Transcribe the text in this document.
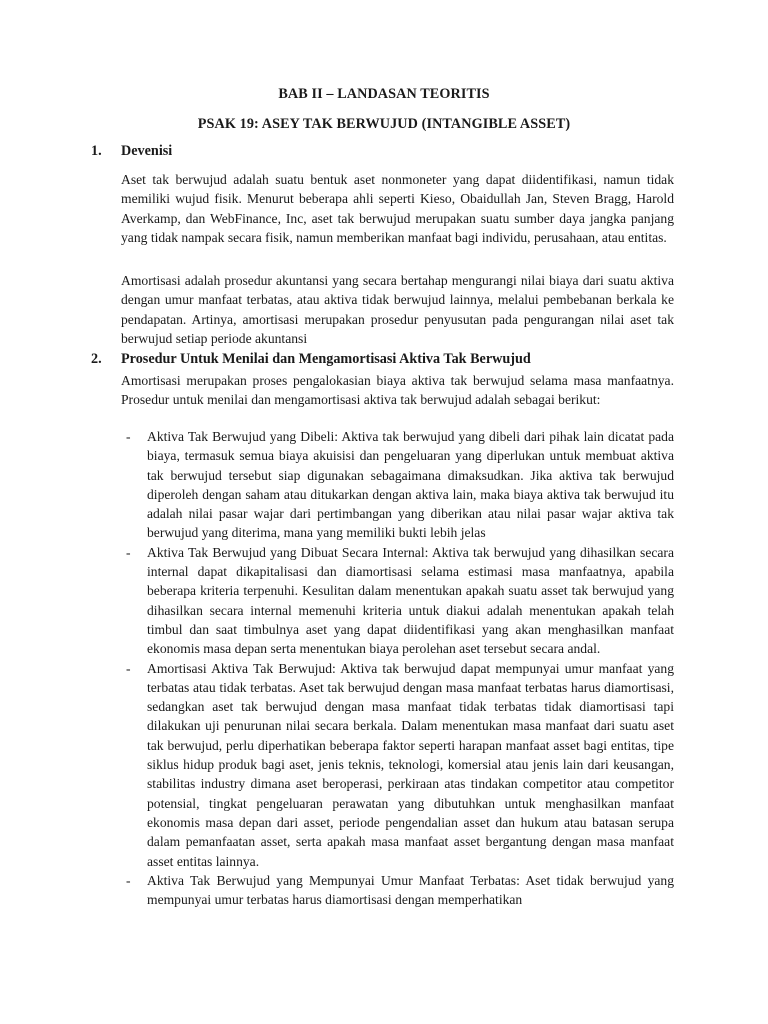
BAB II – LANDASAN TEORITIS
PSAK 19: ASEY TAK BERWUJUD (INTANGIBLE ASSET)
1. Devenisi

Aset tak berwujud adalah suatu bentuk aset nonmoneter yang dapat diidentifikasi, namun tidak memiliki wujud fisik. Menurut beberapa ahli seperti Kieso, Obaidullah Jan, Steven Bragg, Harold Averkamp, dan WebFinance, Inc, aset tak berwujud merupakan suatu sumber daya jangka panjang yang tidak nampak secara fisik, namun memberikan manfaat bagi individu, perusahaan, atau entitas.

Amortisasi adalah prosedur akuntansi yang secara bertahap mengurangi nilai biaya dari suatu aktiva dengan umur manfaat terbatas, atau aktiva tidak berwujud lainnya, melalui pembebanan berkala ke pendapatan. Artinya, amortisasi merupakan prosedur penyusutan pada pengurangan nilai aset tak berwujud setiap periode akuntansi

2. Prosedur Untuk Menilai dan Mengamortisasi Aktiva Tak Berwujud

Amortisasi merupakan proses pengalokasian biaya aktiva tak berwujud selama masa manfaatnya. Prosedur untuk menilai dan mengamortisasi aktiva tak berwujud adalah sebagai berikut:

- Aktiva Tak Berwujud yang Dibeli: Aktiva tak berwujud yang dibeli dari pihak lain dicatat pada biaya, termasuk semua biaya akuisisi dan pengeluaran yang diperlukan untuk membuat aktiva tak berwujud tersebut siap digunakan sebagaimana dimaksudkan. Jika aktiva tak berwujud diperoleh dengan saham atau ditukarkan dengan aktiva lain, maka biaya aktiva tak berwujud itu adalah nilai pasar wajar dari pertimbangan yang diberikan atau nilai pasar wajar aktiva tak berwujud yang diterima, mana yang memiliki bukti lebih jelas
- Aktiva Tak Berwujud yang Dibuat Secara Internal: Aktiva tak berwujud yang dihasilkan secara internal dapat dikapitalisasi dan diamortisasi selama estimasi masa manfaatnya, apabila beberapa kriteria terpenuhi. Kesulitan dalam menentukan apakah suatu asset tak berwujud yang dihasilkan secara internal memenuhi kriteria untuk diakui adalah menentukan apakah telah timbul dan saat timbulnya aset yang dapat diidentifikasi yang akan menghasilkan manfaat ekonomis masa depan serta menentukan biaya perolehan aset tersebut secara andal.
- Amortisasi Aktiva Tak Berwujud: Aktiva tak berwujud dapat mempunyai umur manfaat yang terbatas atau tidak terbatas. Aset tak berwujud dengan masa manfaat terbatas harus diamortisasi, sedangkan aset tak berwujud dengan masa manfaat tidak terbatas tidak diamortisasi tapi dilakukan uji penurunan nilai secara berkala. Dalam menentukan masa manfaat dari suatu aset tak berwujud, perlu diperhatikan beberapa faktor seperti harapan manfaat asset bagi entitas, tipe siklus hidup produk bagi aset, jenis teknis, teknologi, komersial atau jenis lain dari keusangan, stabilitas industry dimana aset beroperasi, perkiraan atas tindakan competitor atau competitor potensial, tingkat pengeluaran perawatan yang dibutuhkan untuk menghasilkan manfaat ekonomis masa depan dari asset, periode pengendalian asset dan hukum atau batasan serupa dalam pemanfaatan asset, serta apakah masa manfaat asset bergantung dengan masa manfaat asset entitas lainnya.
- Aktiva Tak Berwujud yang Mempunyai Umur Manfaat Terbatas: Aset tidak berwujud yang mempunyai umur terbatas harus diamortisasi dengan memperhatikan
